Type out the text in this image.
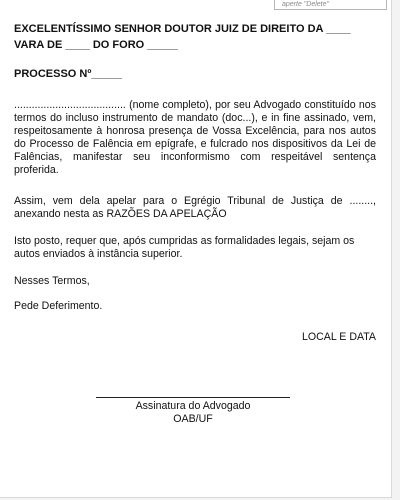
aperte "Delete"
EXCELENTÍSSIMO SENHOR DOUTOR JUIZ DE DIREITO DA ____ VARA DE ____ DO FORO _____
PROCESSO Nº_____

...................................... (nome completo), por seu Advogado constituído nos termos do incluso instrumento de mandato (doc...), e in fine assinado, vem, respeitosamente à honrosa presença de Vossa Excelência, para nos autos do Processo de Falência em epígrafe, e fulcrado nos dispositivos da Lei de Falências, manifestar seu inconformismo com respeitável sentença proferida.

Assim, vem dela apelar para o Egrégio Tribunal de Justiça de ........, anexando nesta as RAZÕES DA APELAÇÃO

Isto posto, requer que, após cumpridas as formalidades legais, sejam os autos enviados à instância superior.

Nesses Termos,

Pede Deferimento.

LOCAL E DATA

Assinatura do Advogado
OAB/UF
